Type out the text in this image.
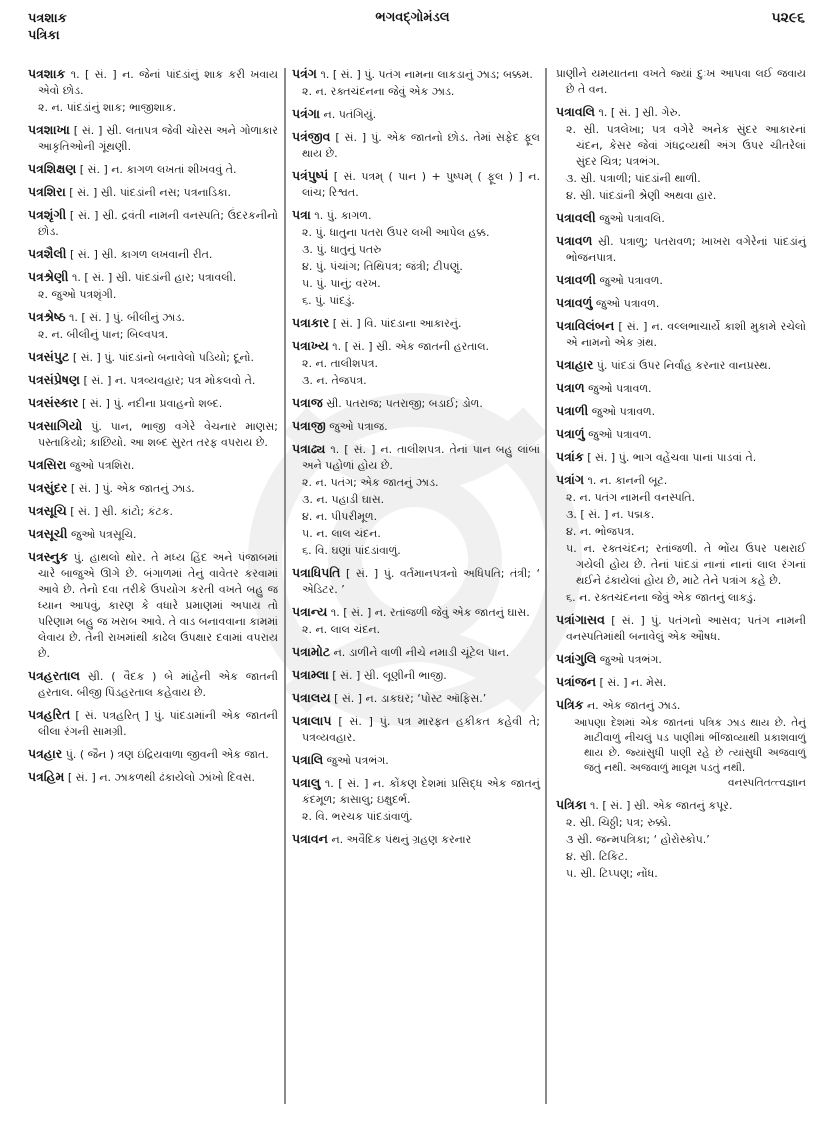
પત્રશાક
પત્રિકા
ભગવદ્ગોમંડલ	૫૨૯૬
પત્રશાક ૧. [ સં. ] ન. જેનાં પાંદડાંનું શાક કરી ખવાય એવો છોડ.
૨. ન. પાંદડાંનું શાક; ભાજીશાક.
પત્રશાખા [ સં. ] સ્રી. લતાપત્ર જેવી ચોરસ અને ગોળાકાર આકૃતિઓની ગૂંથણી.
પત્રશિક્ષણ [ સં. ] ન. કાગળ લખતાં શીખવવું તે.
પત્રશિરા [ સં. ] સ્રી. પાંદડાંની નસ; પત્રનાડિકા.
પત્રશૃંગી [ સં. ] સ્રી. દ્રવંતી નામની વનસ્પતિ; ઉંદરકનીનો છોડ.
પત્રશૈલી [ સં. ] સ્રી. કાગળ લખવાની રીત.
પત્રશ્રેણી ૧. [ સં. ] સ્રી. પાંદડાંની હાર; પત્રાવલી.
૨. જુઓ પત્રશૃંગી.
પત્રશ્રેષ્ઠ ૧. [ સં. ] પું. બીલીનું ઝાડ.
૨. ન. બીલીનું પાન; બિલ્વપત્ર.
પત્રસંપુટ [ સં. ] પું. પાંદડાંનો બનાવેલો પડિયો; દૂનો.
પત્રસંપ્રેષણ [ સં. ] ન. પત્રવ્યવહાર; પત્ર મોકલવો તે.
પત્રસંસ્કાર [ સં. ] પું. નદીના પ્રવાહનો શબ્દ.
પત્રસાગિયો પું. પાન, ભાજી વગેરે વેચનાર માણસ; પસ્તાકિયો; કાછિયો. આ શબ્દ સુરત તરફ વપરાય છે.
પત્રસિરા જુઓ પત્રશિરા.
પત્રસુંદર [ સં. ] પું. એક જાતનું ઝાડ.
પત્રસૂચિ [ સં. ] સ્રી. કાંટો; કંટક.
પત્રસૂચી જુઓ પત્રસૂચિ.
પત્રસ્નુક પું. હાથલો થોર. તે મધ્ય હિંદ અને પંજાબમાં ચારે બાજુએ ઊગે છે. બંગાળમાં તેનું વાવેતર કરવામાં આવે છે. તેનો દવા તરીકે ઉપયોગ કરતી વખતે બહુ જ ધ્યાન આપવું, કારણ કે વધારે પ્રમાણમાં અપાય તો પરિણામ બહુ જ ખરાબ આવે. તે વાડ બનાવવાના કામમાં લેવાય છે. તેની રાખમાંથી કાઢેલ ઉપક્ષાર દવામાં વપરાય છે.
પત્રહરતાલ સ્રી. ( વૈદક ) બે માંહેની એક જાતની હરતાલ. બીજી પિંડહરતાલ કહેવાય છે.
પત્રહરિત [ સં. પત્રહરિત્ ] પું. પાંદડામાંની એક જાતની લીલા રંગની સામગ્રી.
પત્રહાર પું. ( જૈન ) ત્રણ ઇંદ્રિયવાળા જીવની એક જાત.
પત્રહિમ [ સં. ] ન. ઝાકળથી ઢંકાયેલો ઝાંખો દિવસ.
પત્રંગ ૧. [ સં. ] પું. પતંગ નામના લાકડાનું ઝાડ; બક્કમ.
૨. ન. રક્તચંદનના જેવું એક ઝાડ.
પત્રંગા ન. પતંગિયું.
પત્રંજીવ [ સં. ] પું. એક જાતનો છોડ. તેમાં સફેદ ફૂલ થાય છે.
પત્રંપુષ્પં [ સં. પત્રમ્ ( પાન ) + પુષ્પમ્ ( ફૂલ ) ] ન. લાંચ; રિશ્વત.
પત્રા ૧. પું. કાગળ.
૨. પું. ધાતુના પતરા ઉપર લખી આપેલ હક્ક.
૩. પું. ધાતુનું પતરુ
૪. પું. પંચાંગ; તિથિપત્ર; જંત્રી; ટીપણું.
૫. પું. પાનું; વરખ.
૬. પું. પાંદડું.
પત્રાકાર [ સં. ] વિ. પાંદડાના આકારનું.
પત્રાખ્ય ૧. [ સં. ] સ્રી. એક જાતની હરતાલ.
૨. ન. તાલીશપત્ર.
૩. ન. તેજપત્ર.
પત્રાજ સ્રી. પતરાજ; પતરાજી; બડાઈ; ડોળ.
પત્રાજી જુઓ પત્રાજ.
પત્રાઢ્ય ૧. [ સં. ] ન. તાલીશપત્ર. તેનાં પાન બહુ લાંબાં અને પહોળાં હોય છે.
૨. ન. પતંગ; એક જાતનું ઝાડ.
૩. ન. પહાડી ઘાસ.
૪. ન. પીપરીમૂળ.
૫. ન. લાલ ચંદન.
૬. વિ. ઘણાં પાંદડાંવાળું.
પત્રાધિપતિ [ સં. ] પું. વર્તમાનપત્રનો અધિપતિ; તંત્રી; ‘ એડિટર. ’
પત્રાન્ય ૧. [ સં. ] ન. રતાંજળી જેવું એક જાતનું ઘાસ.
૨. ન. લાલ ચંદન.
પત્રામોટ ન. ડાળીને વાળી નીચે નમાડી ચૂંટેલ પાન.
પત્રામ્લા [ સં. ] સ્રી. લૂણીની ભાજી.
પત્રાલય [ સં. ] ન. ડાકઘર; ‘પોસ્ટ ઑફિસ.’
પત્રાલાપ [ સં. ] પું. પત્ર મારફત હકીકત કહેવી તે; પત્રવ્યવહાર.
પત્રાલિ જુઓ પત્રભંગ.
પત્રાલુ ૧. [ સં. ] ન. કોંકણ દેશમાં પ્રસિદ્ધ એક જાતનું કંદમૂળ; કાસાલુ; ઇક્ષુદર્ભ.
૨. વિ. ભરચક પાંદડાંવાળું.
પત્રાવન ન. અવૈદિક પંથનું ગ્રહણ કરનાર
પ્રાણીને યમયાતના વખતે જ્યાં દુઃખ આપવા લઈ જવાય છે તે વન.
પત્રાવલિ ૧. [ સં. ] સ્રી. ગેરુ.
૨. સ્રી. પત્રલેખા; પત્ર વગેરે અનેક સુંદર આકારનાં ચંદન, કેસર જેવાં ગંધદ્રવ્યથી અંગ ઉપર ચીતરેલાં સુંદર ચિત્ર; પત્રભંગ.
૩. સ્રી. પત્રાળી; પાંદડાંની થાળી.
૪. સ્રી. પાંદડાંની શ્રેણી અથવા હાર.
પત્રાવલી જુઓ પત્રાવલિ.
પત્રાવળ સ્રી. પત્રાળુ; પતરાવળ; ખાખરા વગેરેનાં પાંદડાંનું ભોજનપાત્ર.
પત્રાવળી જુઓ પત્રાવળ.
પત્રાવળું જુઓ પત્રાવળ.
પત્રાવિલંબન [ સં. ] ન. વલ્લભાચાર્યે કાશી મુકામે રચેલો એ નામનો એક ગ્રંથ.
પત્રાહાર પું. પાંદડાં ઉપર નિર્વાહ કરનાર વાનપ્રસ્થ.
પત્રાળ જુઓ પત્રાવળ.
પત્રાળી જુઓ પત્રાવળ.
પત્રાળું જુઓ પત્રાવળ.
પત્રાંક [ સં. ] પું. ભાગ વહેંચવા પાનાં પાડવાં તે.
પત્રાંગ ૧. ન. કાનની બૂટ.
૨. ન. પતંગ નામની વનસ્પતિ.
૩. [ સં. ] ન. પદ્મક.
૪. ન. ભોજપત્ર.
૫. ન. રક્તચંદન; રતાંજળી. તે ભોંય ઉપર પથરાઈ ગયેલી હોય છે. તેનાં પાંદડાં નાનાં નાનાં લાલ રંગનાં થઈને ઢંકાયેલાં હોય છે, માટે તેને પત્રાંગ કહે છે.
૬. ન. રક્તચંદનના જેવું એક જાતનું લાકડું.
પત્રાંગાસવ [ સં. ] પું. પતંગનો આસવ; પતંગ નામની વનસ્પતિમાંથી બનાવેલું એક ઔષધ.
પત્રાંગુલિ જુઓ પત્રભંગ.
પત્રાંજન [ સં. ] ન. મેસ.
પત્રિક ન. એક જાતનું ઝાડ.
આપણા દેશમાં એક જાતનાં પત્રિક ઝાડ થાય છે. તેનું માટીવાળું નીચલું પડ પાણીમાં ભીંજાવ્યાથી પ્રકાશવાળું થાય છે. જ્યાંસુધી પાણી રહે છે ત્યાંસુધી અજવાળું જતું નથી. અજવાળું માલૂમ પડતું નથી.
વનસ્પતિતત્ત્વજ્ઞાન
પત્રિકા ૧. [ સં. ] સ્રી. એક જાતનું કપૂર.
૨. સ્રી. ચિઠ્ઠી; પત્ર; રુક્કો.
૩ સ્રી. જન્મપત્રિકા; ‘ હોરોસ્કોપ.’
૪. સ્રી. ટિકિટ.
૫. સ્રી. ટિપ્પણ; નોંધ.
